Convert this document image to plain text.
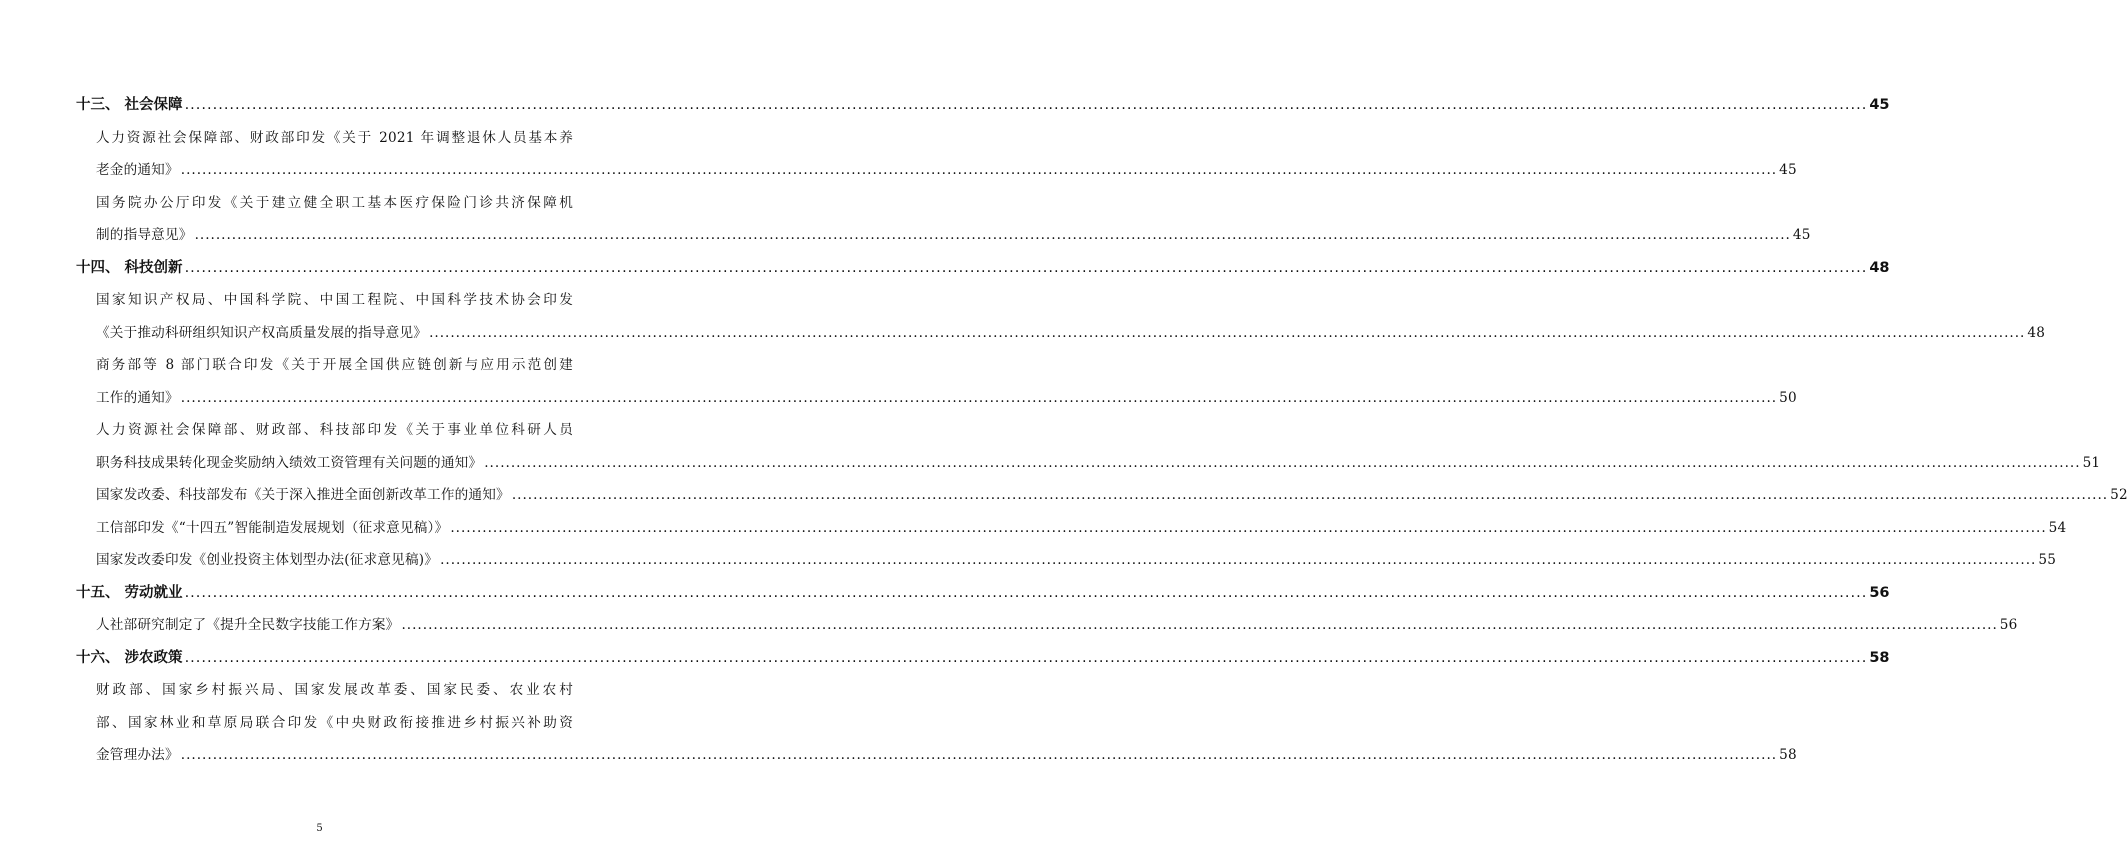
十三、 社会保障 ............................................................................................................................................................................................................................................................................................................ 45
人力资源社会保障部、财政部印发《关于 2021 年调整退休人员基本养
老金的通知》 ............................................................................................................................................................................................................................................................................................................ 45
国务院办公厅印发《关于建立健全职工基本医疗保险门诊共济保障机
制的指导意见》 ............................................................................................................................................................................................................................................................................................................ 45
十四、 科技创新 ............................................................................................................................................................................................................................................................................................................ 48
国家知识产权局、中国科学院、中国工程院、中国科学技术协会印发
《关于推动科研组织知识产权高质量发展的指导意见》 ............................................................................................................................................................................................................................................................................................................ 48
商务部等 8 部门联合印发《关于开展全国供应链创新与应用示范创建
工作的通知》 ............................................................................................................................................................................................................................................................................................................ 50
人力资源社会保障部、财政部、科技部印发《关于事业单位科研人员
职务科技成果转化现金奖励纳入绩效工资管理有关问题的通知》 ............................................................................................................................................................................................................................................................................................................ 51
国家发改委、科技部发布《关于深入推进全面创新改革工作的通知》 ............................................................................................................................................................................................................................................................................................................ 52
工信部印发《“十四五”智能制造发展规划（征求意见稿）》 ............................................................................................................................................................................................................................................................................................................ 54
国家发改委印发《创业投资主体划型办法(征求意见稿)》 ............................................................................................................................................................................................................................................................................................................ 55
十五、 劳动就业 ............................................................................................................................................................................................................................................................................................................ 56
人社部研究制定了《提升全民数字技能工作方案》 ............................................................................................................................................................................................................................................................................................................ 56
十六、 涉农政策 ............................................................................................................................................................................................................................................................................................................ 58
财政部、国家乡村振兴局、国家发展改革委、国家民委、农业农村
部、国家林业和草原局联合印发《中央财政衔接推进乡村振兴补助资
金管理办法》 ............................................................................................................................................................................................................................................................................................................ 58
5
